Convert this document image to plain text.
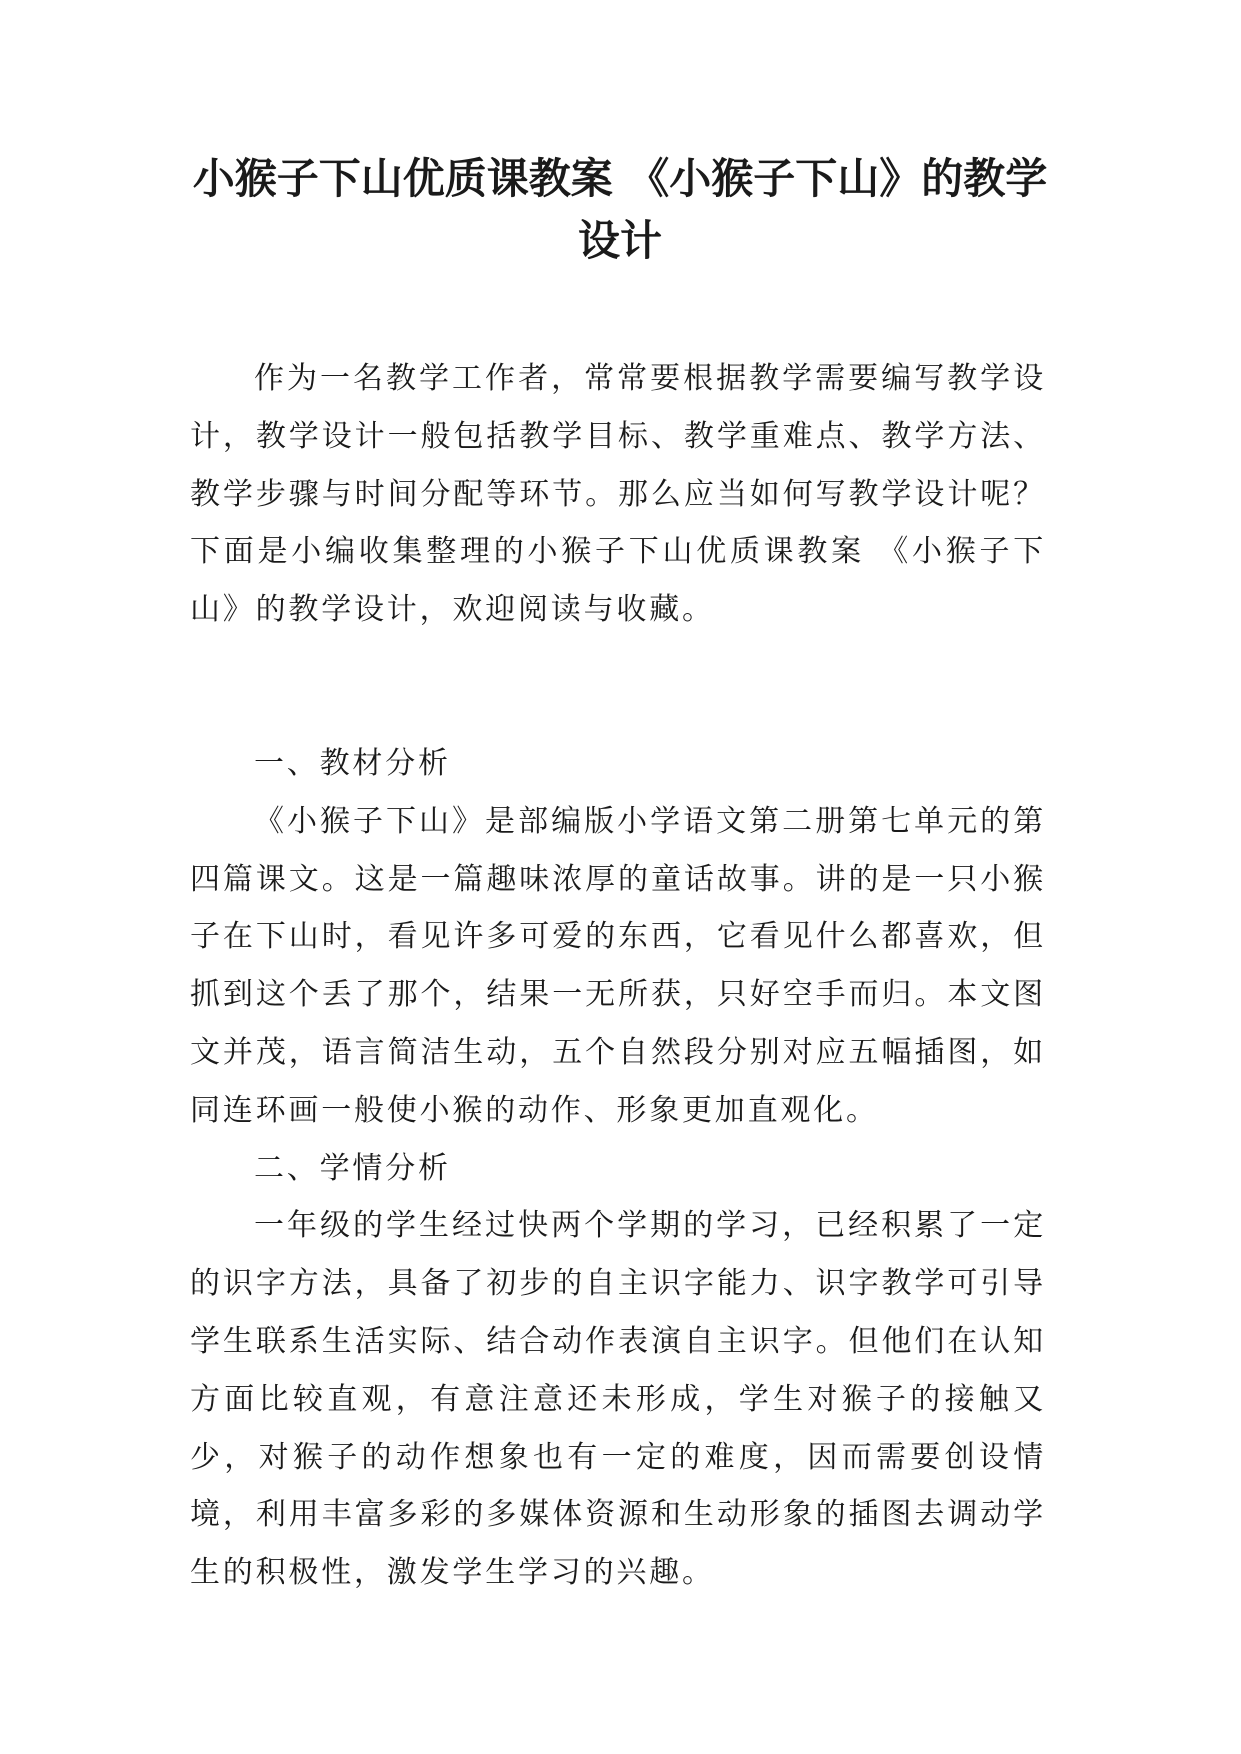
小猴子下山优质课教案 《小猴子下山》的教学设计

作为一名教学工作者，常常要根据教学需要编写教学设计，教学设计一般包括教学目标、教学重难点、教学方法、教学步骤与时间分配等环节。那么应当如何写教学设计呢？下面是小编收集整理的小猴子下山优质课教案 《小猴子下山》的教学设计，欢迎阅读与收藏。

一、教材分析

《小猴子下山》是部编版小学语文第二册第七单元的第四篇课文。这是一篇趣味浓厚的童话故事。讲的是一只小猴子在下山时，看见许多可爱的东西，它看见什么都喜欢，但抓到这个丢了那个，结果一无所获，只好空手而归。本文图文并茂，语言简洁生动，五个自然段分别对应五幅插图，如同连环画一般使小猴的动作、形象更加直观化。

二、学情分析

一年级的学生经过快两个学期的学习，已经积累了一定的识字方法，具备了初步的自主识字能力、识字教学可引导学生联系生活实际、结合动作表演自主识字。但他们在认知方面比较直观，有意注意还未形成，学生对猴子的接触又少，对猴子的动作想象也有一定的难度，因而需要创设情境，利用丰富多彩的多媒体资源和生动形象的插图去调动学生的积极性，激发学生学习的兴趣。
